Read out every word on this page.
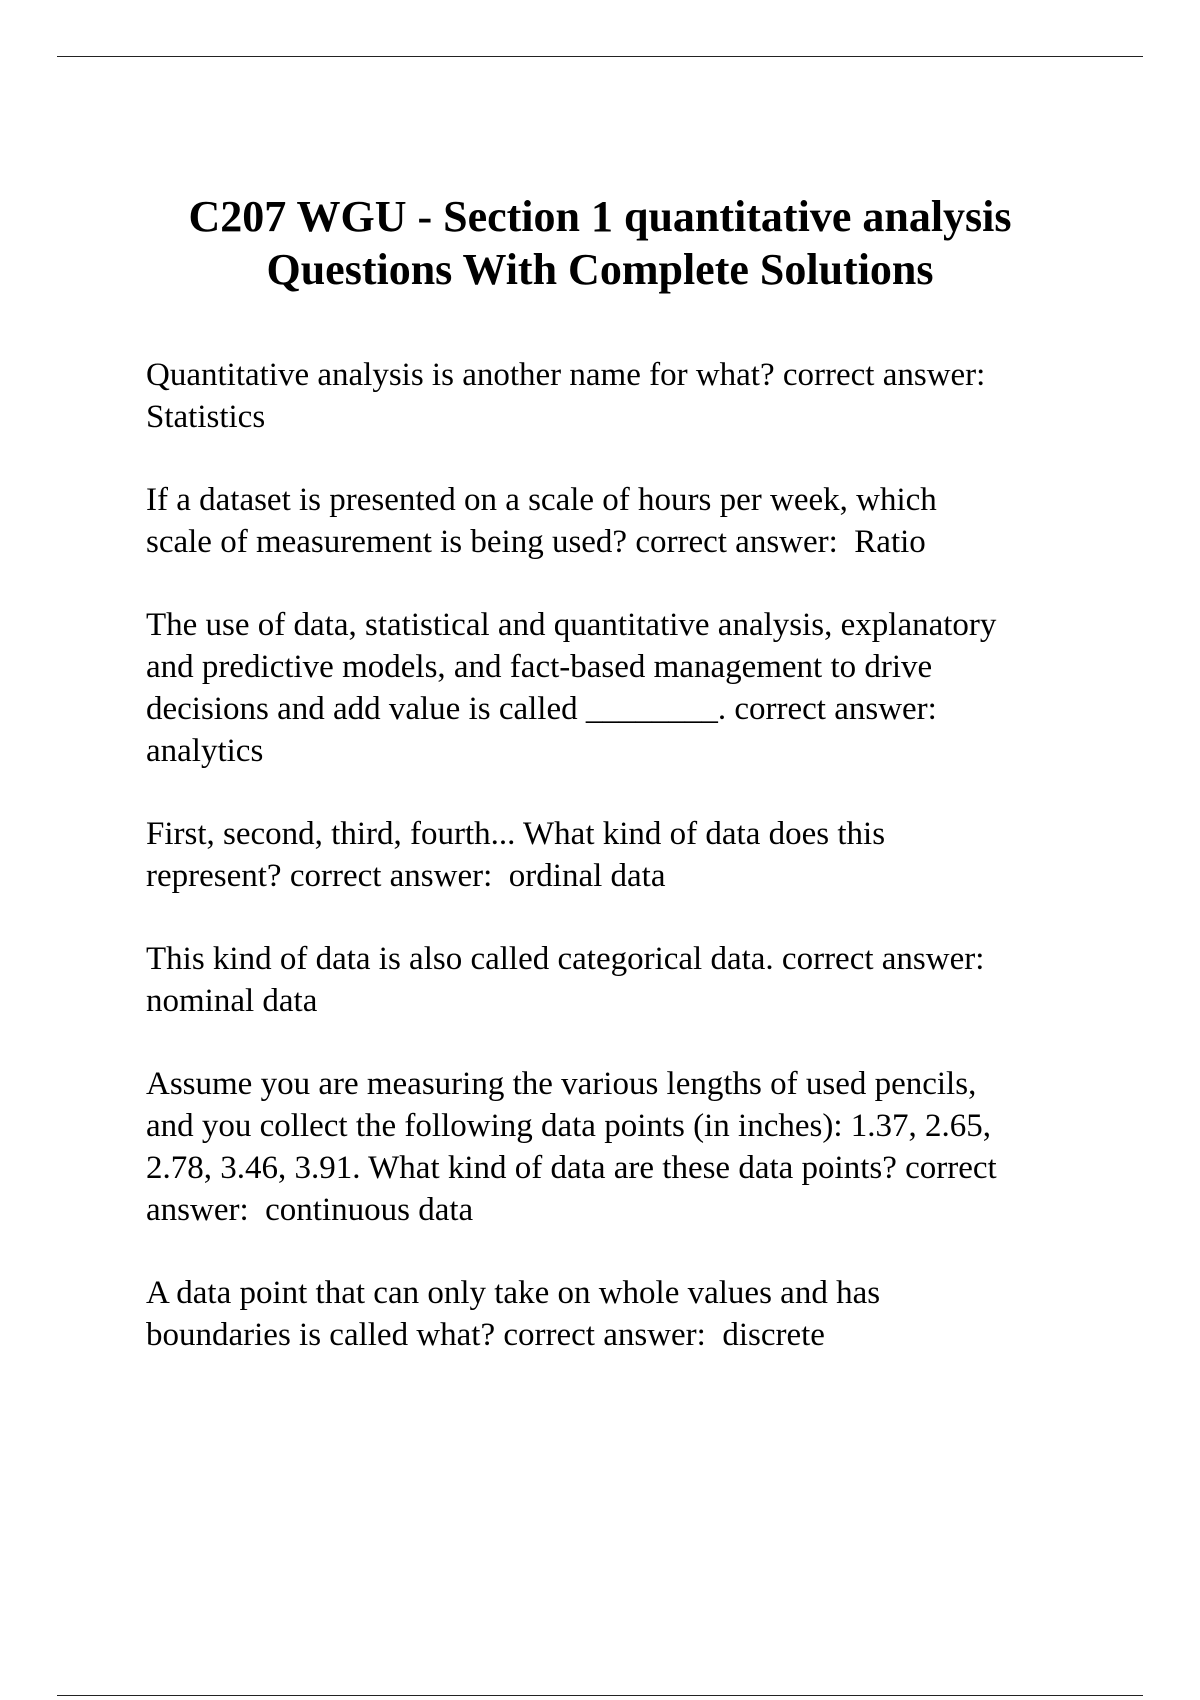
C207 WGU - Section 1 quantitative analysis
Questions With Complete Solutions
Quantitative analysis is another name for what? correct answer:
Statistics
If a dataset is presented on a scale of hours per week, which
scale of measurement is being used? correct answer:  Ratio
The use of data, statistical and quantitative analysis, explanatory
and predictive models, and fact-based management to drive
decisions and add value is called ________. correct answer:
analytics
First, second, third, fourth... What kind of data does this
represent? correct answer:  ordinal data
This kind of data is also called categorical data. correct answer:
nominal data
Assume you are measuring the various lengths of used pencils,
and you collect the following data points (in inches): 1.37, 2.65,
2.78, 3.46, 3.91. What kind of data are these data points? correct
answer:  continuous data
A data point that can only take on whole values and has
boundaries is called what? correct answer:  discrete
